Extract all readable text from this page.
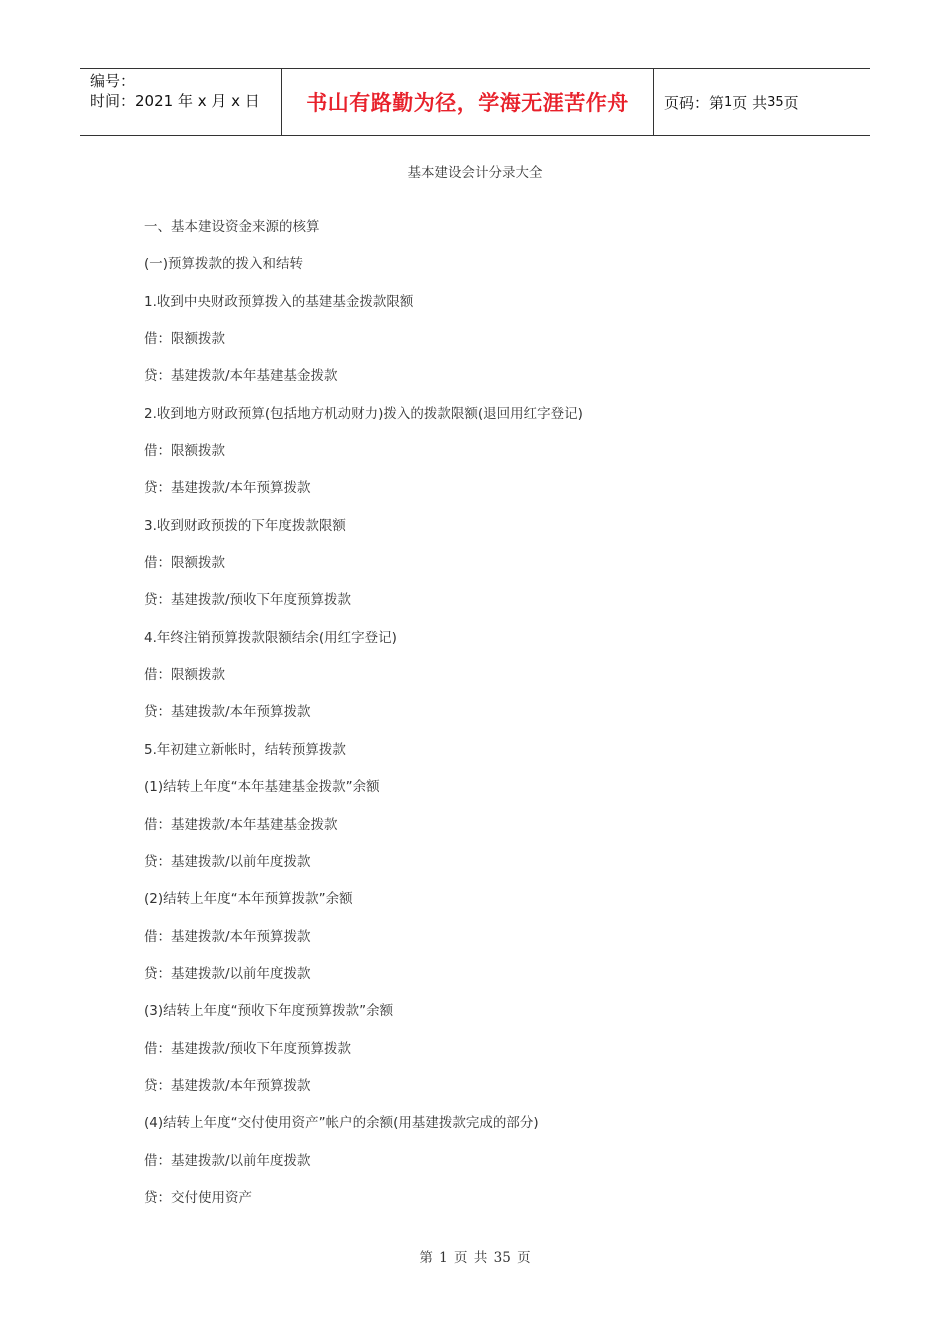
编号：
时间：2021 年 x 月 x 日	书山有路勤为径，学海无涯苦作舟 页码：第 1 页 共 35 页
基本建设会计分录大全
一、基本建设资金来源的核算
(一)预算拨款的拨入和结转
1.收到中央财政预算拨入的基建基金拨款限额
借：限额拨款
贷：基建拨款/本年基建基金拨款
2.收到地方财政预算(包括地方机动财力)拨入的拨款限额(退回用红字登记)
借：限额拨款
贷：基建拨款/本年预算拨款
3.收到财政预拨的下年度拨款限额
借：限额拨款
贷：基建拨款/预收下年度预算拨款
4.年终注销预算拨款限额结余(用红字登记)
借：限额拨款
贷：基建拨款/本年预算拨款
5.年初建立新帐时，结转预算拨款
(1)结转上年度“本年基建基金拨款”余额
借：基建拨款/本年基建基金拨款
贷：基建拨款/以前年度拨款
(2)结转上年度“本年预算拨款”余额
借：基建拨款/本年预算拨款
贷：基建拨款/以前年度拨款
(3)结转上年度“预收下年度预算拨款”余额
借：基建拨款/预收下年度预算拨款
贷：基建拨款/本年预算拨款
(4)结转上年度“交付使用资产”帐户的余额(用基建拨款完成的部分)
借：基建拨款/以前年度拨款
贷：交付使用资产
第 1 页 共 35 页
